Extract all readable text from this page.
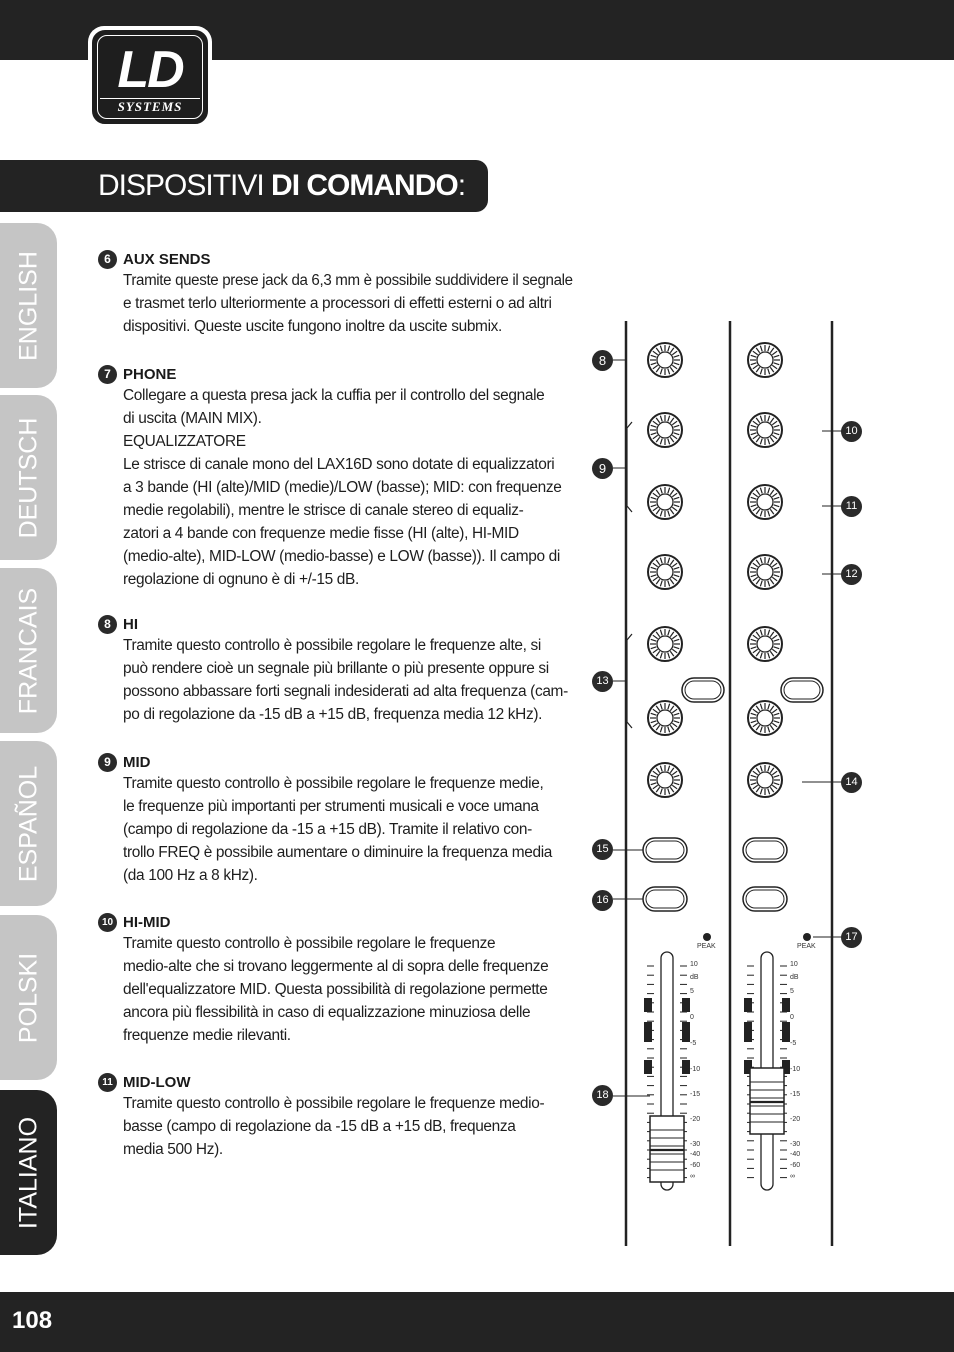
LD
SYSTEMS
DISPOSITIVI DI COMANDO:
ENGLISH
DEUTSCH
FRANCAIS
ESPAÑOL
POLSKI
ITALIANO
6 AUX SENDS
Tramite queste prese jack da 6,3 mm è possibile suddividere il segnale
e trasmet terlo ulteriormente a processori di effetti esterni o ad altri
dispositivi. Queste uscite fungono inoltre da uscite submix.
7 PHONE
Collegare a questa presa jack la cuffia per il controllo del segnale
di uscita (MAIN MIX).
EQUALIZZATORE
Le strisce di canale mono del LAX16D sono dotate di equalizzatori
a 3 bande (HI (alte)/MID (medie)/LOW (basse); MID: con frequenze
medie regolabili), mentre le strisce di canale stereo di equaliz-
zatori a 4 bande con frequenze medie fisse (HI (alte), HI-MID
(medio-alte), MID-LOW (medio-basse) e LOW (basse)). Il campo di
regolazione di ognuno è di +/-15 dB.
8 HI
Tramite questo controllo è possibile regolare le frequenze alte, si
può rendere cioè un segnale più brillante o più presente oppure si
possono abbassare forti segnali indesiderati ad alta frequenza (cam-
po di regolazione da -15 dB a +15 dB, frequenza media 12 kHz).
9 MID
Tramite questo controllo è possibile regolare le frequenze medie,
le frequenze più importanti per strumenti musicali e voce umana
(campo di regolazione da -15 a +15 dB). Tramite il relativo con-
trollo FREQ è possibile aumentare o diminuire la frequenza media
(da 100 Hz a 8 kHz).
10 HI-MID
Tramite questo controllo è possibile regolare le frequenze
medio-alte che si trovano leggermente al di sopra delle frequenze
dell'equalizzatore MID. Questa possibilità di regolazione permette
ancora più flessibilità in caso di equalizzazione minuziosa delle
frequenze medie rilevanti.
11 MID-LOW
Tramite questo controllo è possibile regolare le frequenze medio-
basse (campo di regolazione da -15 dB a +15 dB, frequenza
media 500 Hz).
8
9
10
11
12
13
14
15
16
17
18
PEAK	PEAK
10
dB
5
0
-5
-10
-15
-20
-30
-40
-60
∞
10
dB
5
0
-5
-10
-15
-20
-30
-40
-60
∞
108
